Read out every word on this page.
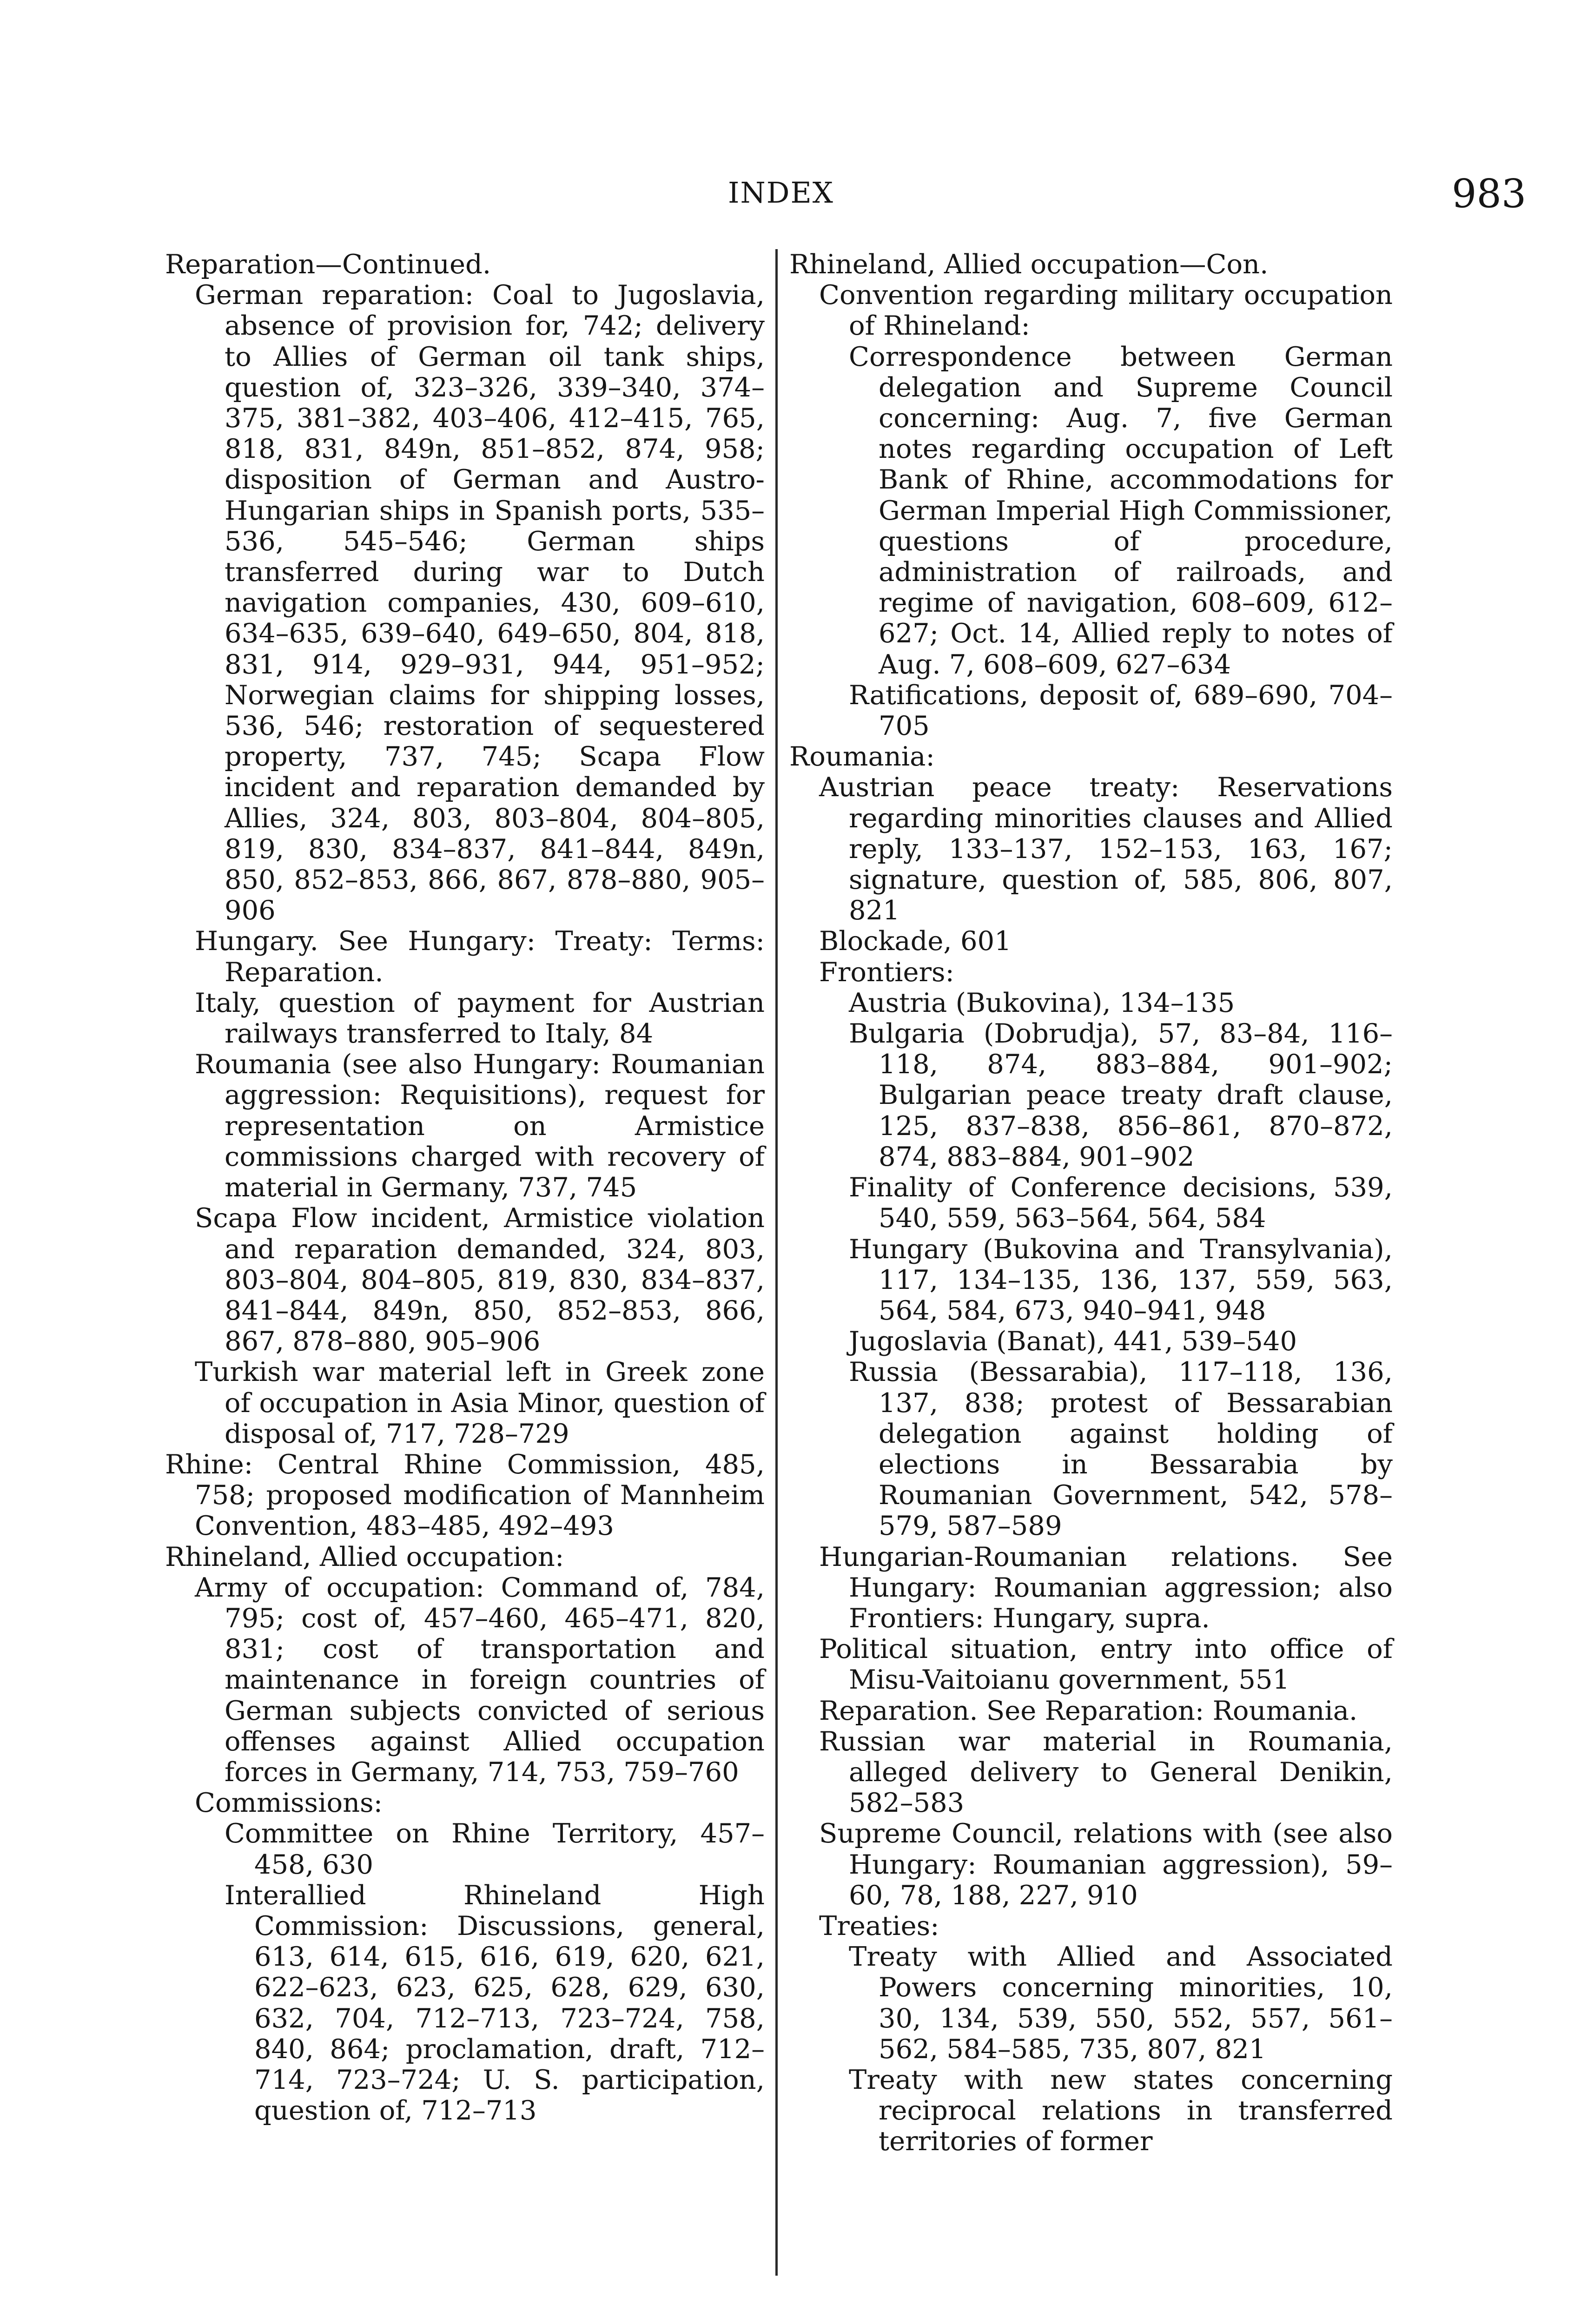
INDEX	983
Reparation—Continued.
German reparation: Coal to Jugoslavia, absence of provision for, 742; delivery to Allies of German oil tank ships, question of, 323–326, 339–340, 374–375, 381–382, 403–406, 412–415, 765, 818, 831, 849n, 851–852, 874, 958; disposition of German and Austro-Hungarian ships in Spanish ports, 535–536, 545–546; German ships transferred during war to Dutch navigation companies, 430, 609–610, 634–635, 639–640, 649–650, 804, 818, 831, 914, 929–931, 944, 951–952; Norwegian claims for shipping losses, 536, 546; restoration of sequestered property, 737, 745; Scapa Flow incident and reparation demanded by Allies, 324, 803, 803–804, 804–805, 819, 830, 834–837, 841–844, 849n, 850, 852–853, 866, 867, 878–880, 905–906
Hungary. See Hungary: Treaty: Terms: Reparation.
Italy, question of payment for Austrian railways transferred to Italy, 84
Roumania (see also Hungary: Roumanian aggression: Requisitions), request for representation on Armistice commissions charged with recovery of material in Germany, 737, 745
Scapa Flow incident, Armistice violation and reparation demanded, 324, 803, 803–804, 804–805, 819, 830, 834–837, 841–844, 849n, 850, 852–853, 866, 867, 878–880, 905–906
Turkish war material left in Greek zone of occupation in Asia Minor, question of disposal of, 717, 728–729
Rhine: Central Rhine Commission, 485, 758; proposed modification of Mannheim Convention, 483–485, 492–493
Rhineland, Allied occupation:
Army of occupation: Command of, 784, 795; cost of, 457–460, 465–471, 820, 831; cost of transportation and maintenance in foreign countries of German subjects convicted of serious offenses against Allied occupation forces in Germany, 714, 753, 759–760
Commissions:
Committee on Rhine Territory, 457–458, 630
Interallied Rhineland High Commission: Discussions, general, 613, 614, 615, 616, 619, 620, 621, 622–623, 623, 625, 628, 629, 630, 632, 704, 712–713, 723–724, 758, 840, 864; proclamation, draft, 712–714, 723–724; U. S. participation, question of, 712–713
Rhineland, Allied occupation—Con.
Convention regarding military occupation of Rhineland:
Correspondence between German delegation and Supreme Council concerning: Aug. 7, five German notes regarding occupation of Left Bank of Rhine, accommodations for German Imperial High Commissioner, questions of procedure, administration of railroads, and regime of navigation, 608–609, 612–627; Oct. 14, Allied reply to notes of Aug. 7, 608–609, 627–634
Ratifications, deposit of, 689–690, 704–705
Roumania:
Austrian peace treaty: Reservations regarding minorities clauses and Allied reply, 133–137, 152–153, 163, 167; signature, question of, 585, 806, 807, 821
Blockade, 601
Frontiers:
Austria (Bukovina), 134–135
Bulgaria (Dobrudja), 57, 83–84, 116–118, 874, 883–884, 901–902; Bulgarian peace treaty draft clause, 125, 837–838, 856–861, 870–872, 874, 883–884, 901–902
Finality of Conference decisions, 539, 540, 559, 563–564, 564, 584
Hungary (Bukovina and Transylvania), 117, 134–135, 136, 137, 559, 563, 564, 584, 673, 940–941, 948
Jugoslavia (Banat), 441, 539–540
Russia (Bessarabia), 117–118, 136, 137, 838; protest of Bessarabian delegation against holding of elections in Bessarabia by Roumanian Government, 542, 578–579, 587–589
Hungarian-Roumanian relations. See Hungary: Roumanian aggression; also Frontiers: Hungary, supra.
Political situation, entry into office of Misu-Vaitoianu government, 551
Reparation. See Reparation: Roumania.
Russian war material in Roumania, alleged delivery to General Denikin, 582–583
Supreme Council, relations with (see also Hungary: Roumanian aggression), 59–60, 78, 188, 227, 910
Treaties:
Treaty with Allied and Associated Powers concerning minorities, 10, 30, 134, 539, 550, 552, 557, 561–562, 584–585, 735, 807, 821
Treaty with new states concerning reciprocal relations in transferred territories of former
